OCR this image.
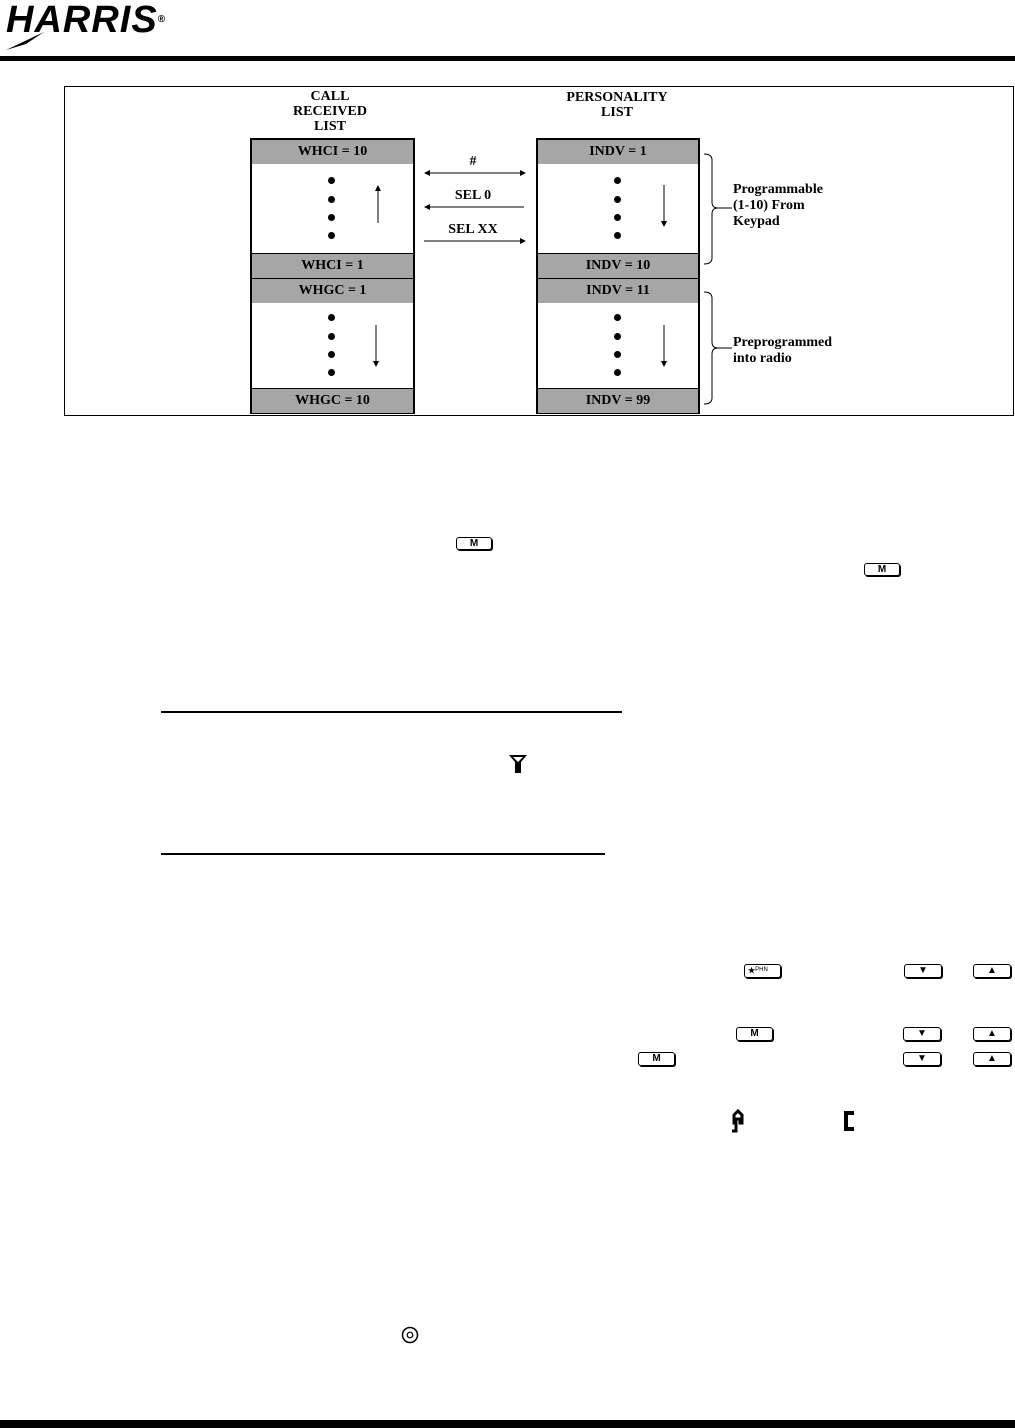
HARRIS®
CALL
RECEIVED
LIST
PERSONALITY
LIST
WHCI = 10
WHCI = 1
WHGC = 1
WHGC = 10
INDV = 1
INDV = 10
INDV = 11
INDV = 99
#
SEL 0
SEL XX
Programmable
(1-10) From
Keypad
Preprogrammed
into radio
M
M
★$^{PHN}$	▼	▲
M	▼	▲
M	▼	▲
